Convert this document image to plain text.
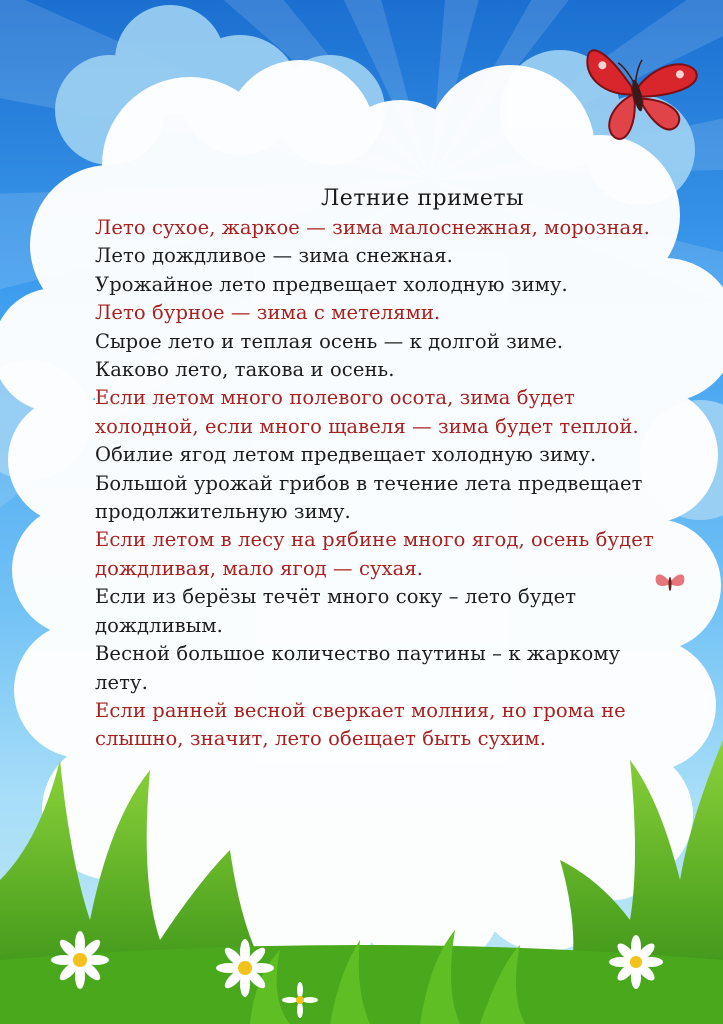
Летние приметы
Лето сухое, жаркое — зима малоснежная, морозная.
Лето дождливое — зима снежная.
Урожайное лето предвещает холодную зиму.
Лето бурное — зима с метелями.
Сырое лето и теплая осень — к долгой зиме.
Каково лето, такова и осень.
Если летом много полевого осота, зима будет холодной, если много щавеля — зима будет теплой.
Обилие ягод летом предвещает холодную зиму.
Большой урожай грибов в течение лета предвещает продолжительную зиму.
Если летом в лесу на рябине много ягод, осень будет дождливая, мало ягод — сухая.
Если из берёзы течёт много соку – лето будет дождливым.
Весной большое количество паутины – к жаркому лету.
Если ранней весной сверкает молния, но грома не слышно, значит, лето обещает быть сухим.
